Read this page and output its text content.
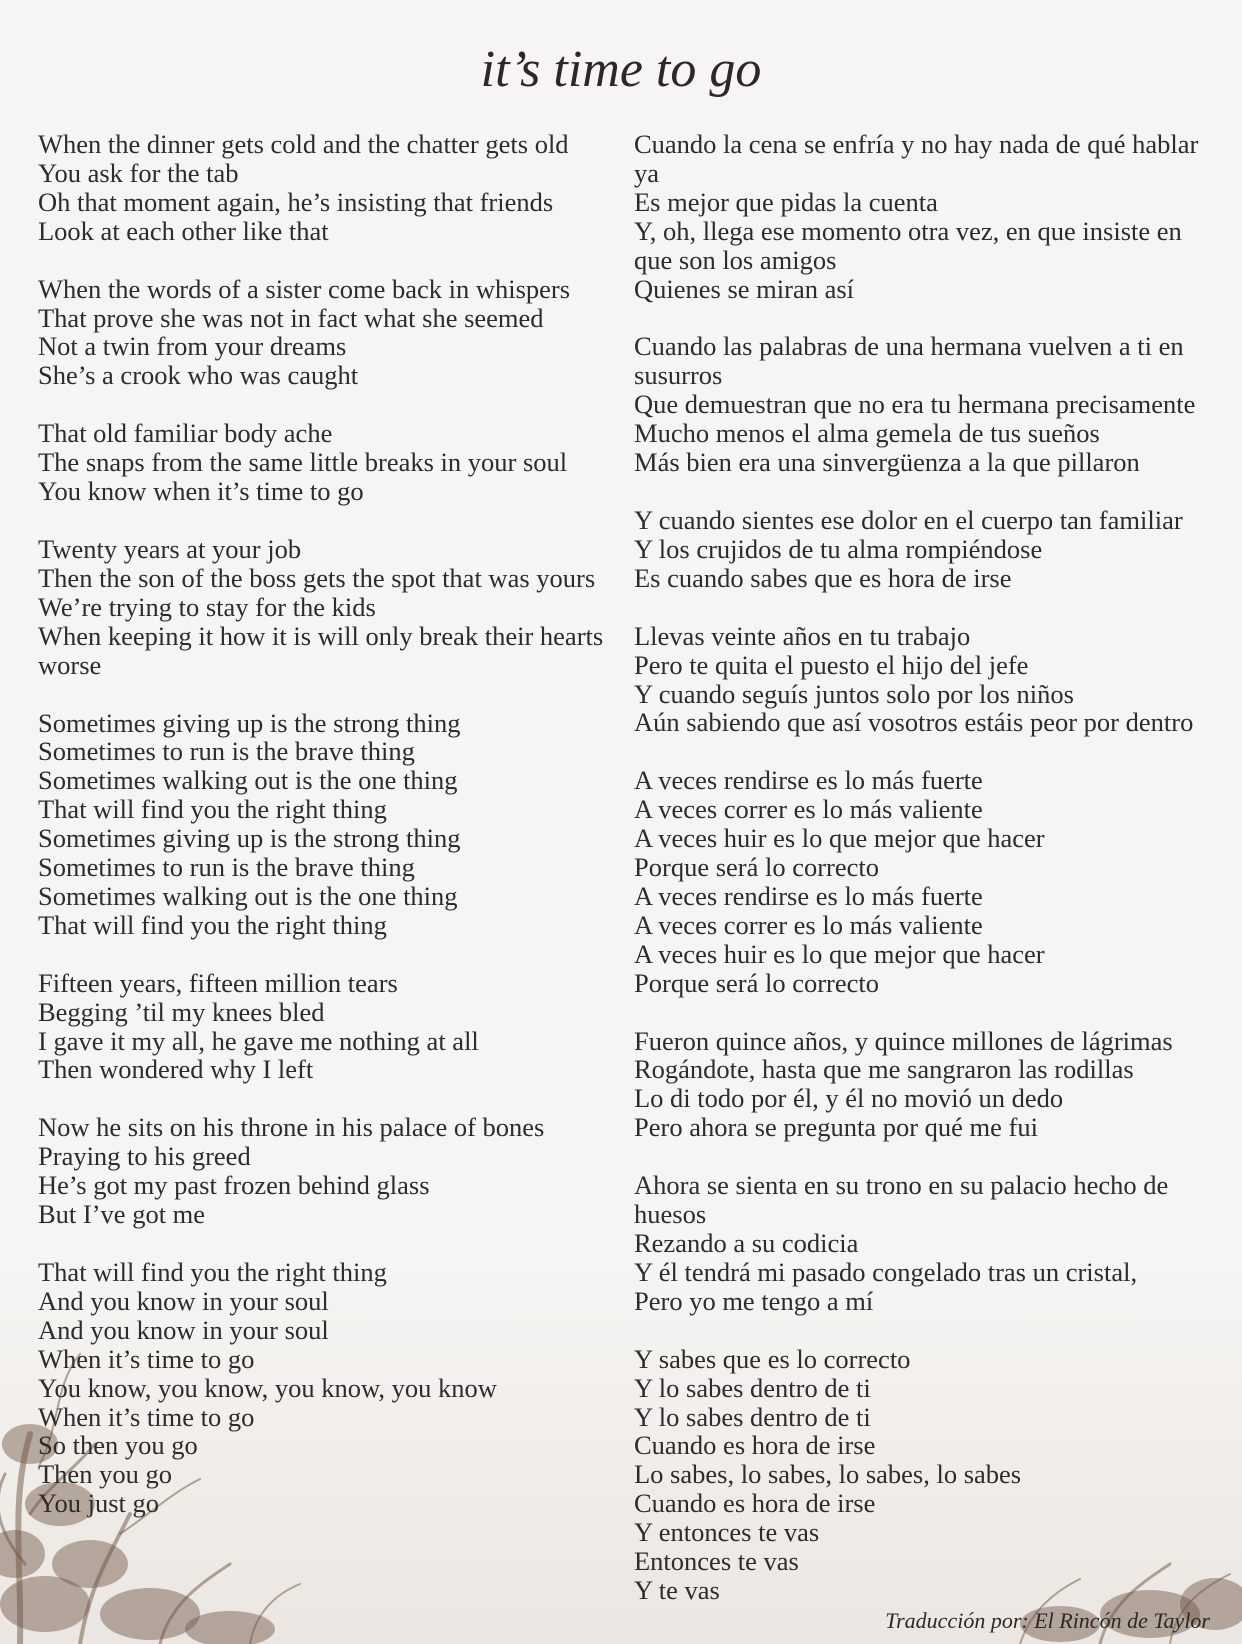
it’s time to go
When the dinner gets cold and the chatter gets old
You ask for the tab
Oh that moment again, he’s insisting that friends
Look at each other like that
When the words of a sister come back in whispers
That prove she was not in fact what she seemed
Not a twin from your dreams
She’s a crook who was caught
That old familiar body ache
The snaps from the same little breaks in your soul
You know when it’s time to go
Twenty years at your job
Then the son of the boss gets the spot that was yours
We’re trying to stay for the kids
When keeping it how it is will only break their hearts worse
Sometimes giving up is the strong thing
Sometimes to run is the brave thing
Sometimes walking out is the one thing
That will find you the right thing
Sometimes giving up is the strong thing
Sometimes to run is the brave thing
Sometimes walking out is the one thing
That will find you the right thing
Fifteen years, fifteen million tears
Begging ’til my knees bled
I gave it my all, he gave me nothing at all
Then wondered why I left
Now he sits on his throne in his palace of bones
Praying to his greed
He’s got my past frozen behind glass
But I’ve got me
That will find you the right thing
And you know in your soul
And you know in your soul
When it’s time to go
You know, you know, you know, you know
When it’s time to go
So then you go
Then you go
You just go
Cuando la cena se enfría y no hay nada de qué hablar ya
Es mejor que pidas la cuenta
Y, oh, llega ese momento otra vez, en que insiste en que son los amigos
Quienes se miran así
Cuando las palabras de una hermana vuelven a ti en susurros
Que demuestran que no era tu hermana precisamente
Mucho menos el alma gemela de tus sueños
Más bien era una sinvergüenza a la que pillaron
Y cuando sientes ese dolor en el cuerpo tan familiar
Y los crujidos de tu alma rompiéndose
Es cuando sabes que es hora de irse
Llevas veinte años en tu trabajo
Pero te quita el puesto el hijo del jefe
Y cuando seguís juntos solo por los niños
Aún sabiendo que así vosotros estáis peor por dentro
A veces rendirse es lo más fuerte
A veces correr es lo más valiente
A veces huir es lo que mejor que hacer
Porque será lo correcto
A veces rendirse es lo más fuerte
A veces correr es lo más valiente
A veces huir es lo que mejor que hacer
Porque será lo correcto
Fueron quince años, y quince millones de lágrimas
Rogándote, hasta que me sangraron las rodillas
Lo di todo por él, y él no movió un dedo
Pero ahora se pregunta por qué me fui
Ahora se sienta en su trono en su palacio hecho de huesos
Rezando a su codicia
Y él tendrá mi pasado congelado tras un cristal,
Pero yo me tengo a mí
Y sabes que es lo correcto
Y lo sabes dentro de ti
Y lo sabes dentro de ti
Cuando es hora de irse
Lo sabes, lo sabes, lo sabes, lo sabes
Cuando es hora de irse
Y entonces te vas
Entonces te vas
Y te vas
Traducción por: El Rincón de Taylor
